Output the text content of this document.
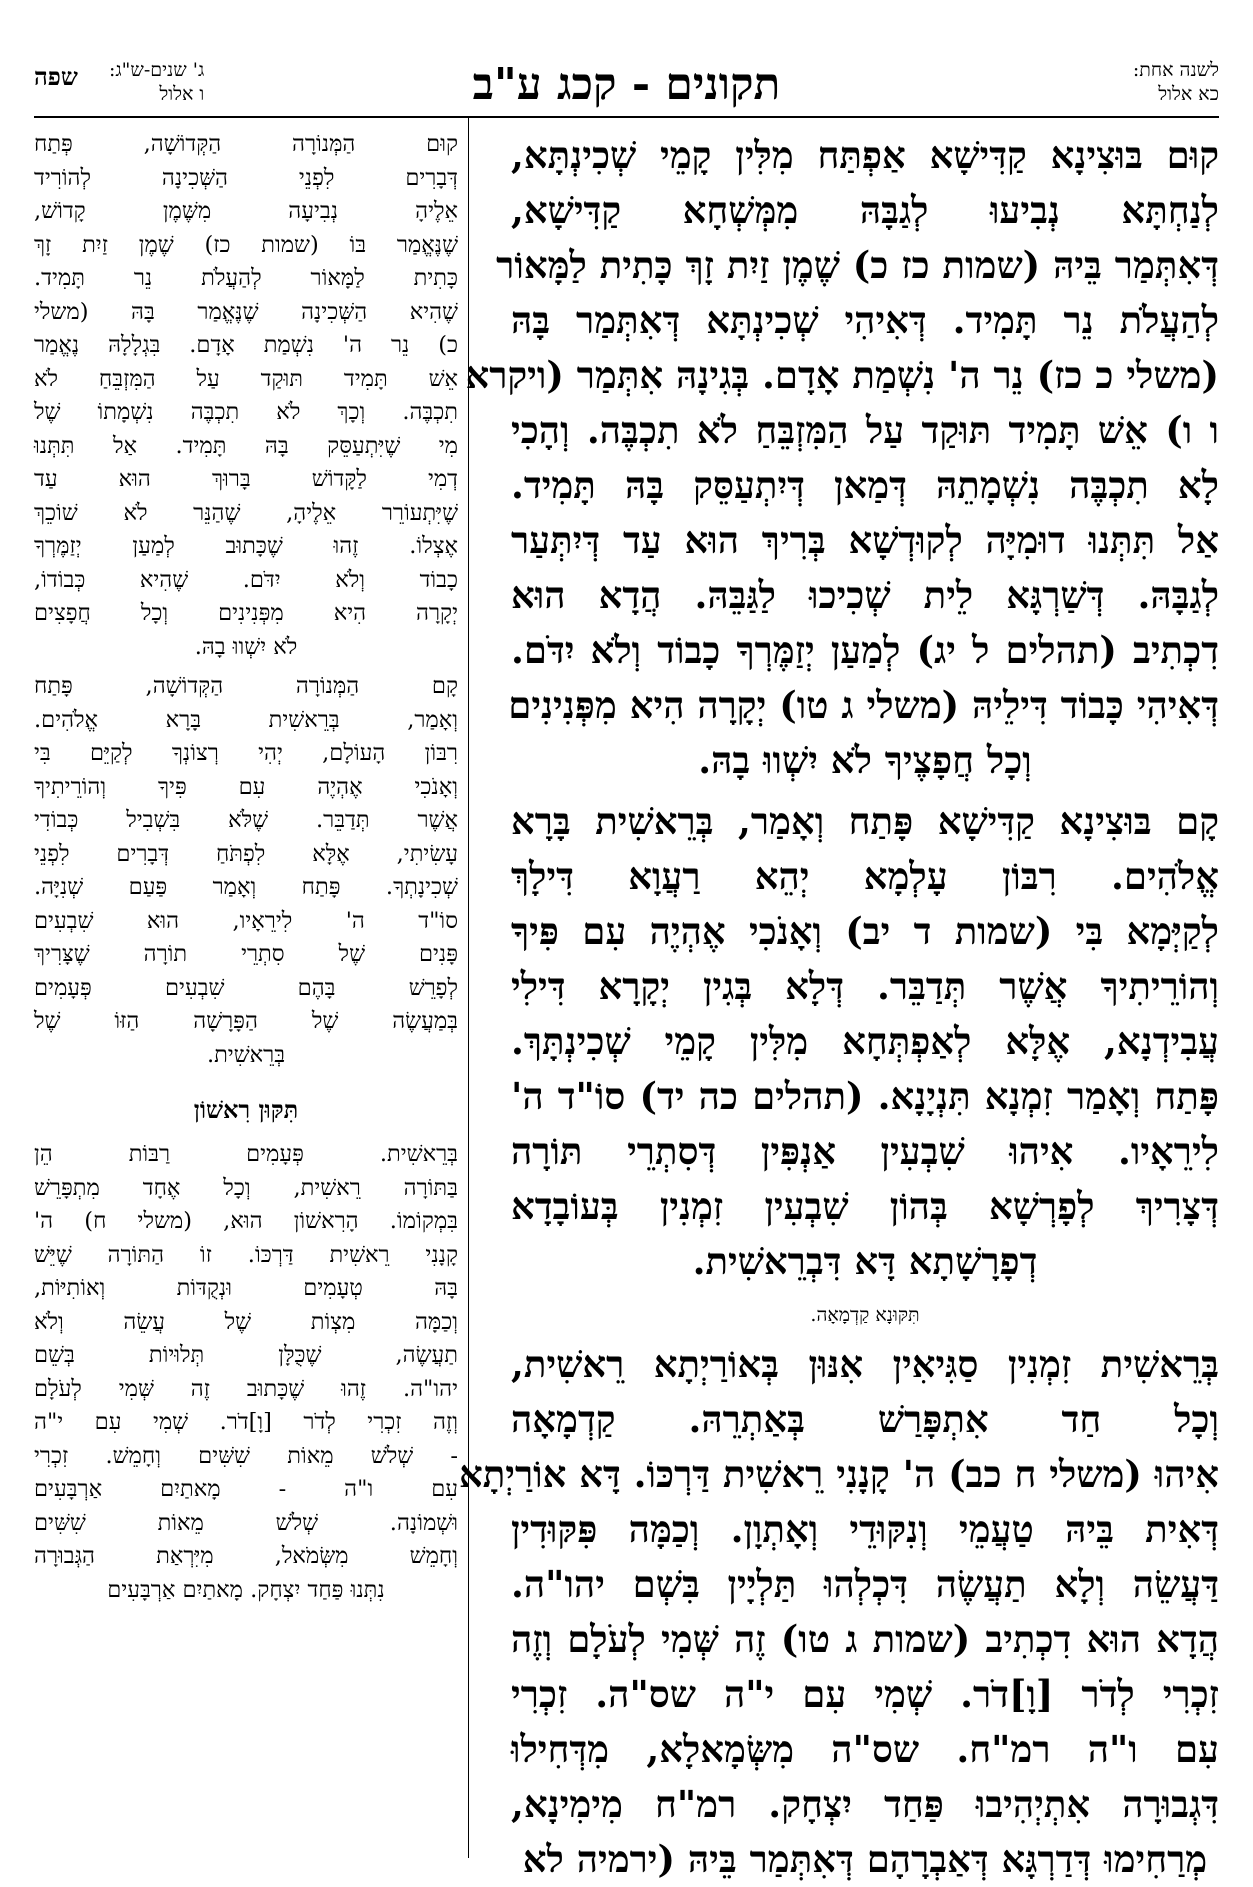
לשנה אחת:
כא אלול
תקונים - קכג ע"ב
ג' שנים-ש"ג:
ו אלול
שפה
קוּם בּוּצִינָא קַדִּישָׁא אַפְתַּח מִלִּין קָמֵי שְׁכִינְתָּא,
לְנַחְתָּא נְבִיעוּ לְגַבָּהּ מִמְּשְׁחָא קַדִּישָׁא,
דְּאִתְּמַר בֵּיהּ (שמות כז כ) שֶׁמֶן זַיִת זָךְ כָּתִית לַמָּאוֹר
לְהַעֲלֹת נֵר תָּמִיד. דְּאִיהִי שְׁכִינְתָּא דְּאִתְּמַר בָּהּ
(משלי כ כז) נֵר ה' נִשְׁמַת אָדָם. בְּגִינָהּ אִתְּמַר (ויקרא
ו ו) אֵשׁ תָּמִיד תּוּקַד עַל הַמִּזְבֵּחַ לֹא תִכְבֶּה. וְהָכִי
לָא תִכְבֶּה נִשְׁמָתֵהּ דְּמַאן דְּיִתְעַסֵּק בָּהּ תָּמִיד.
אַל תִּתְּנוּ דוּמִיָּה לְקוּדְשָׁא בְּרִיךְ הוּא עַד דְּיִתְּעַר
לְגַבָּהּ. דְּשַׁרְגָּא לֵית שְׁכִיכוּ לַגַּבֵּהּ. הֲדָא הוּא
דִכְתִיב (תהלים ל יג) לְמַעַן יְזַמֶּרְךָ כָבוֹד וְלֹא יִדֹּם.
דְּאִיהִי כָּבוֹד דִּילֵיהּ (משלי ג טו) יְקָרָה הִיא מִפְּנִינִים
וְכָל חֲפָצֶיךָ לֹא יִשְׁווּ בָהּ.
קָם בּוּצִינָא קַדִּישָׁא פָּתַח וְאָמַר, בְּרֵאשִׁית בָּרָא
אֱלֹהִים. רִבּוֹן עָלְמָא יְהֵא רַעֲוָא דִּילָךְ
לְקַיְּמָא בִּי (שמות ד יב) וְאָנֹכִי אֶהְיֶה עִם פִּיךָ
וְהוֹרֵיתִיךָ אֲשֶׁר תְּדַבֵּר. דְּלָא בְּגִין יְקָרָא דִּילִי
עֲבִידְנָא, אֶלָּא לְאַפְתְּחָא מִלִּין קָמֵי שְׁכִינְתָּךְ.
פָּתַח וְאָמַר זִמְנָא תִּנְיָנָא. (תהלים כה יד) סוֹ"ד ה'
לִירֵאָיו. אִיהוּ שִׁבְעִין אַנְפִּין דְּסִתְרֵי תּוֹרָה
דְּצָרִיךְ לְפָרְשָׁא בְּהוֹן שִׁבְעִין זִמְנִין בְּעוֹבָדָא
דְפָרָשָׁתָא דָּא דִּבְרֵאשִׁית.
תִּקּוּנָא קַדְמָאָה.
בְּרֵאשִׁית זִמְנִין סַגִּיאִין אִנּוּן בְּאוֹרַיְתָא רֵאשִׁית,
וְכָל חַד אִתְפָּרַשׁ בְּאַתְרֵהּ. קַדְמָאָה
אִיהוּ (משלי ח כב) ה' קָנָנִי רֵאשִׁית דַּרְכּוֹ. דָּא אוֹרַיְתָא
דְּאִית בֵּיהּ טַעֲמֵי וְנִקּוּדֵי וְאָתְוָן. וְכַמָּה פִּקּוּדִין
דַּעֲשֵׂה וְלָא תַעֲשֶׂה דִּכְלְהוּ תַּלְיָין בִּשְׁם יהו"ה.
הֲדָא הוּא דִכְתִיב (שמות ג טו) זֶה שְּׁמִי לְעֹלָם וְזֶה
זִכְרִי לְדֹר [וָ]דֹר. שְׁמִי עִם י"ה שס"ה. זִכְרִי
עִם ו"ה רמ"ח. שס"ה מִשְּׂמָאלָא, מִדְּחִילוּ
דִּגְבוּרָה אִתְיְהִיבוּ פַּחַד יִצְחָק. רמ"ח מִימִינָא,
מְרַחִימוּ דְּדַרְגָּא דְּאַבְרָהָם דְּאִתְּמַר בֵּיהּ (ירמיה לא
קוּם הַמְּנוֹרָה הַקְּדוֹשָׁה, פְּתַח
דְּבָרִים לִפְנֵי הַשְּׁכִינָה לְהוֹרִיד
אֵלֶיהָ נְבִיעָה מִשֶּׁמֶן קָדוֹשׁ,
שֶׁנֶּאֱמַר בּוֹ (שמות כז) שֶׁמֶן זַיִת זָךְ
כָּתִית לַמָּאוֹר לְהַעֲלֹת נֵר תָּמִיד.
שֶׁהִיא הַשְּׁכִינָה שֶׁנֶּאֱמַר בָּהּ (משלי
כ) נֵר ה' נִשְׁמַת אָדָם. בִּגְלָלָהּ נֶאֱמַר
אֵשׁ תָּמִיד תּוּקַד עַל הַמִּזְבֵּחַ לֹא
תִכְבֶּה. וְכָךְ לֹא תִכְבֶּה נִשְׁמָתוֹ שֶׁל
מִי שֶׁיִּתְעַסֵּק בָּהּ תָּמִיד. אַל תִּתְּנוּ
דְמִי לַקָּדוֹשׁ בָּרוּךְ הוּא עַד
שֶׁיִּתְעוֹרֵר אֵלֶיהָ, שֶׁהַנֵּר לֹא שׁוֹכֵךְ
אֶצְלוֹ. זֶהוּ שֶׁכָּתוּב לְמַעַן יְזַמֶּרְךָ
כָבוֹד וְלֹא יִדֹּם. שֶׁהִיא כְּבוֹדוֹ,
יְקָרָה הִיא מִפְּנִינִים וְכָל חֲפָצִים
לֹא יִשְׁווּ בָהּ.
קָם הַמְּנוֹרָה הַקְּדוֹשָׁה, פָּתַח
וְאָמַר, בְּרֵאשִׁית בָּרָא אֱלֹהִים.
רִבּוֹן הָעוֹלָם, יְהִי רְצוֹנְךָ לְקַיֵּם בִּי
וְאָנֹכִי אֶהְיֶה עִם פִּיךָ וְהוֹרֵיתִיךָ
אֲשֶׁר תְּדַבֵּר. שֶׁלֹּא בִּשְׁבִיל כְּבוֹדִי
עָשִׂיתִי, אֶלָּא לִפְתֹּחַ דְּבָרִים לִפְנֵי
שְׁכִינָתְךָ. פָּתַח וְאָמַר פַּעַם שְׁנִיָּה.
סוֹ"ד ה' לִירֵאָיו, הוּא שִׁבְעִים
פָּנִים שֶׁל סִתְרֵי תוֹרָה שֶׁצָּרִיךְ
לְפָרֵשׁ בָּהֶם שִׁבְעִים פְּעָמִים
בְּמַעֲשֶׂה שֶׁל הַפָּרָשָׁה הַזּוֹ שֶׁל
בְּרֵאשִׁית.
תִּקּוּן רִאשׁוֹן
בְּרֵאשִׁית. פְּעָמִים רַבּוֹת הֵן
בַּתּוֹרָה רֵאשִׁית, וְכָל אֶחָד מִתְפָּרֵשׁ
בִּמְקוֹמוֹ. הָרִאשׁוֹן הוּא, (משלי ח) ה'
קָנָנִי רֵאשִׁית דַּרְכּוֹ. זוֹ הַתּוֹרָה שֶׁיֵּשׁ
בָּהּ טְעָמִים וּנְקֻדּוֹת וְאוֹתִיּוֹת,
וְכַמָּה מִצְוֹת שֶׁל עֲשֵׂה וְלֹא
תַעֲשֶׂה, שֶׁכֻּלָּן תְּלוּיוֹת בְּשֵׁם
יהו"ה. זֶהוּ שֶׁכָּתוּב זֶה שְּׁמִי לְעֹלָם
וְזֶה זִכְרִי לְדֹר [וָ]דֹר. שְׁמִי עִם י"ה
- שְׁלֹשׁ מֵאוֹת שִׁשִּׁים וְחָמֵשׁ. זִכְרִי
עִם ו"ה - מָאתַיִם אַרְבָּעִים
וּשְׁמוֹנָה. שְׁלֹשׁ מֵאוֹת שִׁשִּׁים
וְחָמֵשׁ מִשְּׂמֹאל, מִיִּרְאַת הַגְּבוּרָה
נִתְּנוּ פַּחַד יִצְחָק. מָאתַיִם אַרְבָּעִים
